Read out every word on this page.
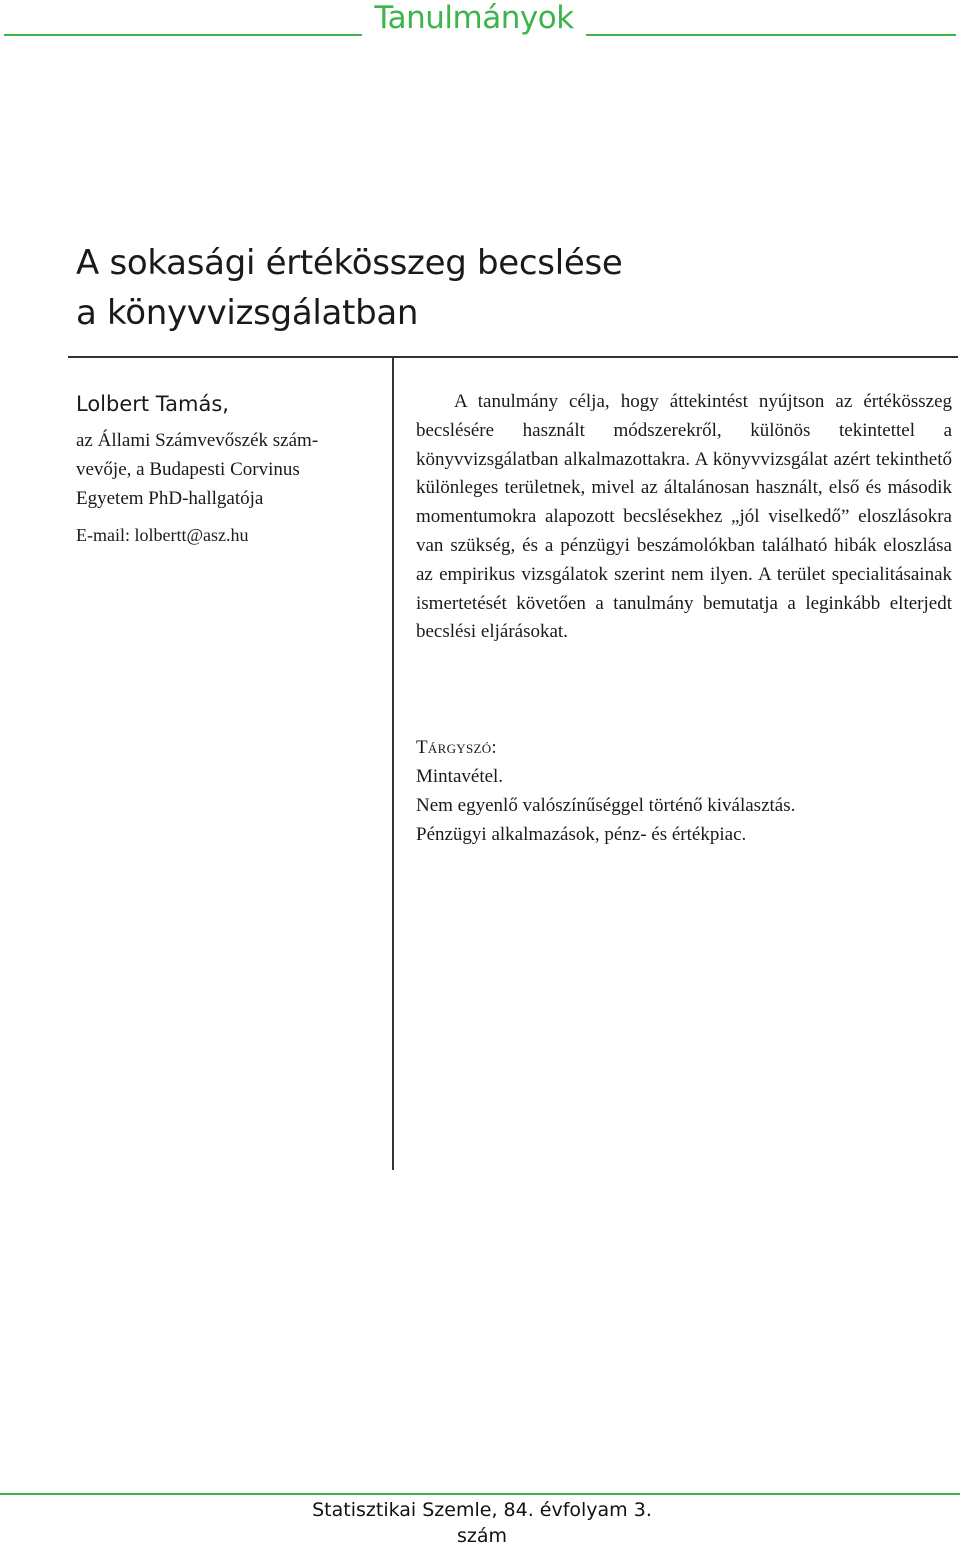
Tanulmányok
A sokasági értékösszeg becslése
a könyvvizsgálatban
Lolbert Tamás,
az Állami Számvevőszék szám-
vevője, a Budapesti Corvinus
Egyetem PhD-hallgatója
E-mail: lolbertt@asz.hu

A tanulmány célja, hogy áttekintést nyújtson az értékösszeg becslésére használt módszerekről, különös tekintettel a könyvvizsgálatban alkalmazottakra. A könyvvizsgálat azért tekinthető különleges területnek, mivel az általánosan használt, első és második momentumokra alapozott becslésekhez „jól viselkedő” eloszlásokra van szükség, és a pénzügyi beszámolókban található hibák eloszlása az empirikus vizsgálatok szerint nem ilyen. A terület specialitásainak ismertetését követően a tanulmány bemutatja a leginkább elterjedt becslési eljárásokat.

Tárgyszó:
Mintavétel.
Nem egyenlő valószínűséggel történő kiválasztás.
Pénzügyi alkalmazások, pénz- és értékpiac.
Statisztikai Szemle, 84. évfolyam 3. szám
